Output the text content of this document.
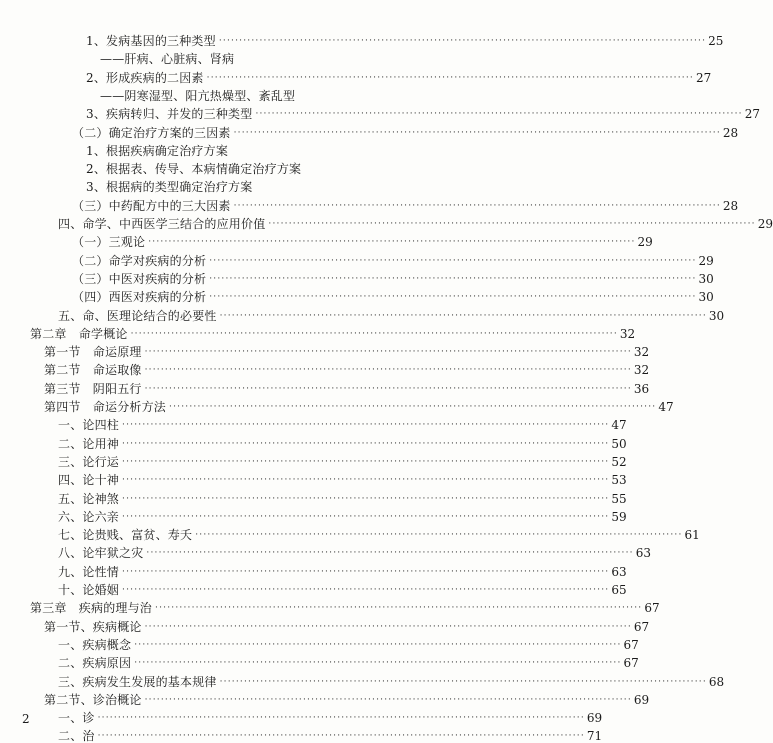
1、发病基因的三种类型 ························································································································ 25
——肝病、心脏病、肾病
2、形成疾病的二因素 ························································································································ 27
——阴寒湿型、阳亢热燥型、紊乱型
3、疾病转归、并发的三种类型 ························································································································ 27
（二）确定治疗方案的三因素 ························································································································ 28
1、根据疾病确定治疗方案
2、根据表、传导、本病情确定治疗方案
3、根据病的类型确定治疗方案
（三）中药配方中的三大因素 ························································································································ 28
四、命学、中西医学三结合的应用价值 ························································································································ 29
（一）三观论 ························································································································ 29
（二）命学对疾病的分析 ························································································································ 29
（三）中医对疾病的分析 ························································································································ 30
（四）西医对疾病的分析 ························································································································ 30
五、命、医理论结合的必要性 ························································································································ 30
第二章　命学概论 ························································································································ 32
第一节　命运原理 ························································································································ 32
第二节　命运取像 ························································································································ 32
第三节　阴阳五行 ························································································································ 36
第四节　命运分析方法 ························································································································ 47
一、论四柱 ························································································································ 47
二、论用神 ························································································································ 50
三、论行运 ························································································································ 52
四、论十神 ························································································································ 53
五、论神煞 ························································································································ 55
六、论六亲 ························································································································ 59
七、论贵贱、富贫、寿夭 ························································································································ 61
八、论牢狱之灾 ························································································································ 63
九、论性情 ························································································································ 63
十、论婚姻 ························································································································ 65
第三章　疾病的理与治 ························································································································ 67
第一节、疾病概论 ························································································································ 67
一、疾病概念 ························································································································ 67
二、疾病原因 ························································································································ 67
三、疾病发生发展的基本规律 ························································································································ 68
第二节、诊治概论 ························································································································ 69
一、诊 ························································································································ 69
二、治 ························································································································ 71
2
